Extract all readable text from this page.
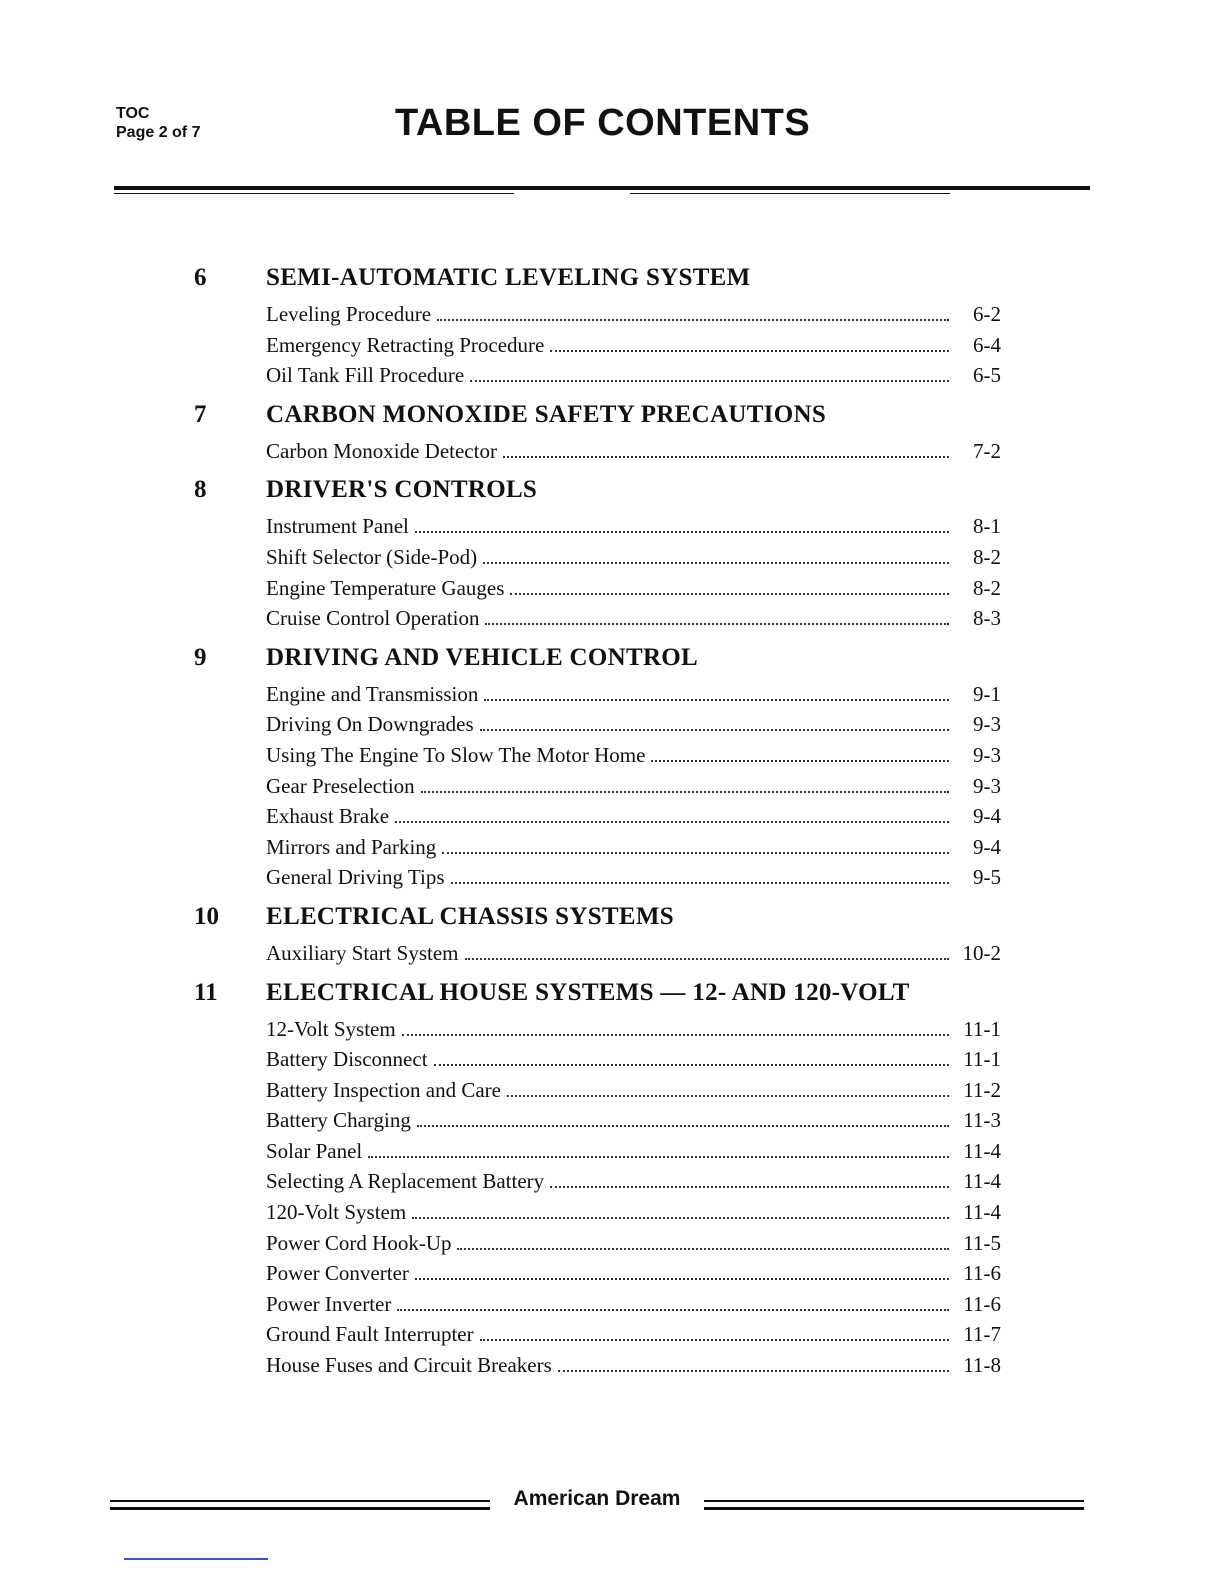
TOC
Page 2 of 7	TABLE OF CONTENTS
6	SEMI-AUTOMATIC LEVELING SYSTEM
Leveling Procedure	6-2
Emergency Retracting Procedure	6-4
Oil Tank Fill Procedure	6-5
7	CARBON MONOXIDE SAFETY PRECAUTIONS
Carbon Monoxide Detector	7-2
8	DRIVER'S CONTROLS
Instrument Panel	8-1
Shift Selector (Side-Pod)	8-2
Engine Temperature Gauges	8-2
Cruise Control Operation	8-3
9	DRIVING AND VEHICLE CONTROL
Engine and Transmission	9-1
Driving On Downgrades	9-3
Using The Engine To Slow The Motor Home	9-3
Gear Preselection	9-3
Exhaust Brake	9-4
Mirrors and Parking	9-4
General Driving Tips	9-5
10	ELECTRICAL CHASSIS SYSTEMS
Auxiliary Start System	10-2
11	ELECTRICAL HOUSE SYSTEMS — 12- AND 120-VOLT
12-Volt System	11-1
Battery Disconnect	11-1
Battery Inspection and Care	11-2
Battery Charging	11-3
Solar Panel	11-4
Selecting A Replacement Battery	11-4
120-Volt System	11-4
Power Cord Hook-Up	11-5
Power Converter	11-6
Power Inverter	11-6
Ground Fault Interrupter	11-7
House Fuses and Circuit Breakers	11-8
American Dream
